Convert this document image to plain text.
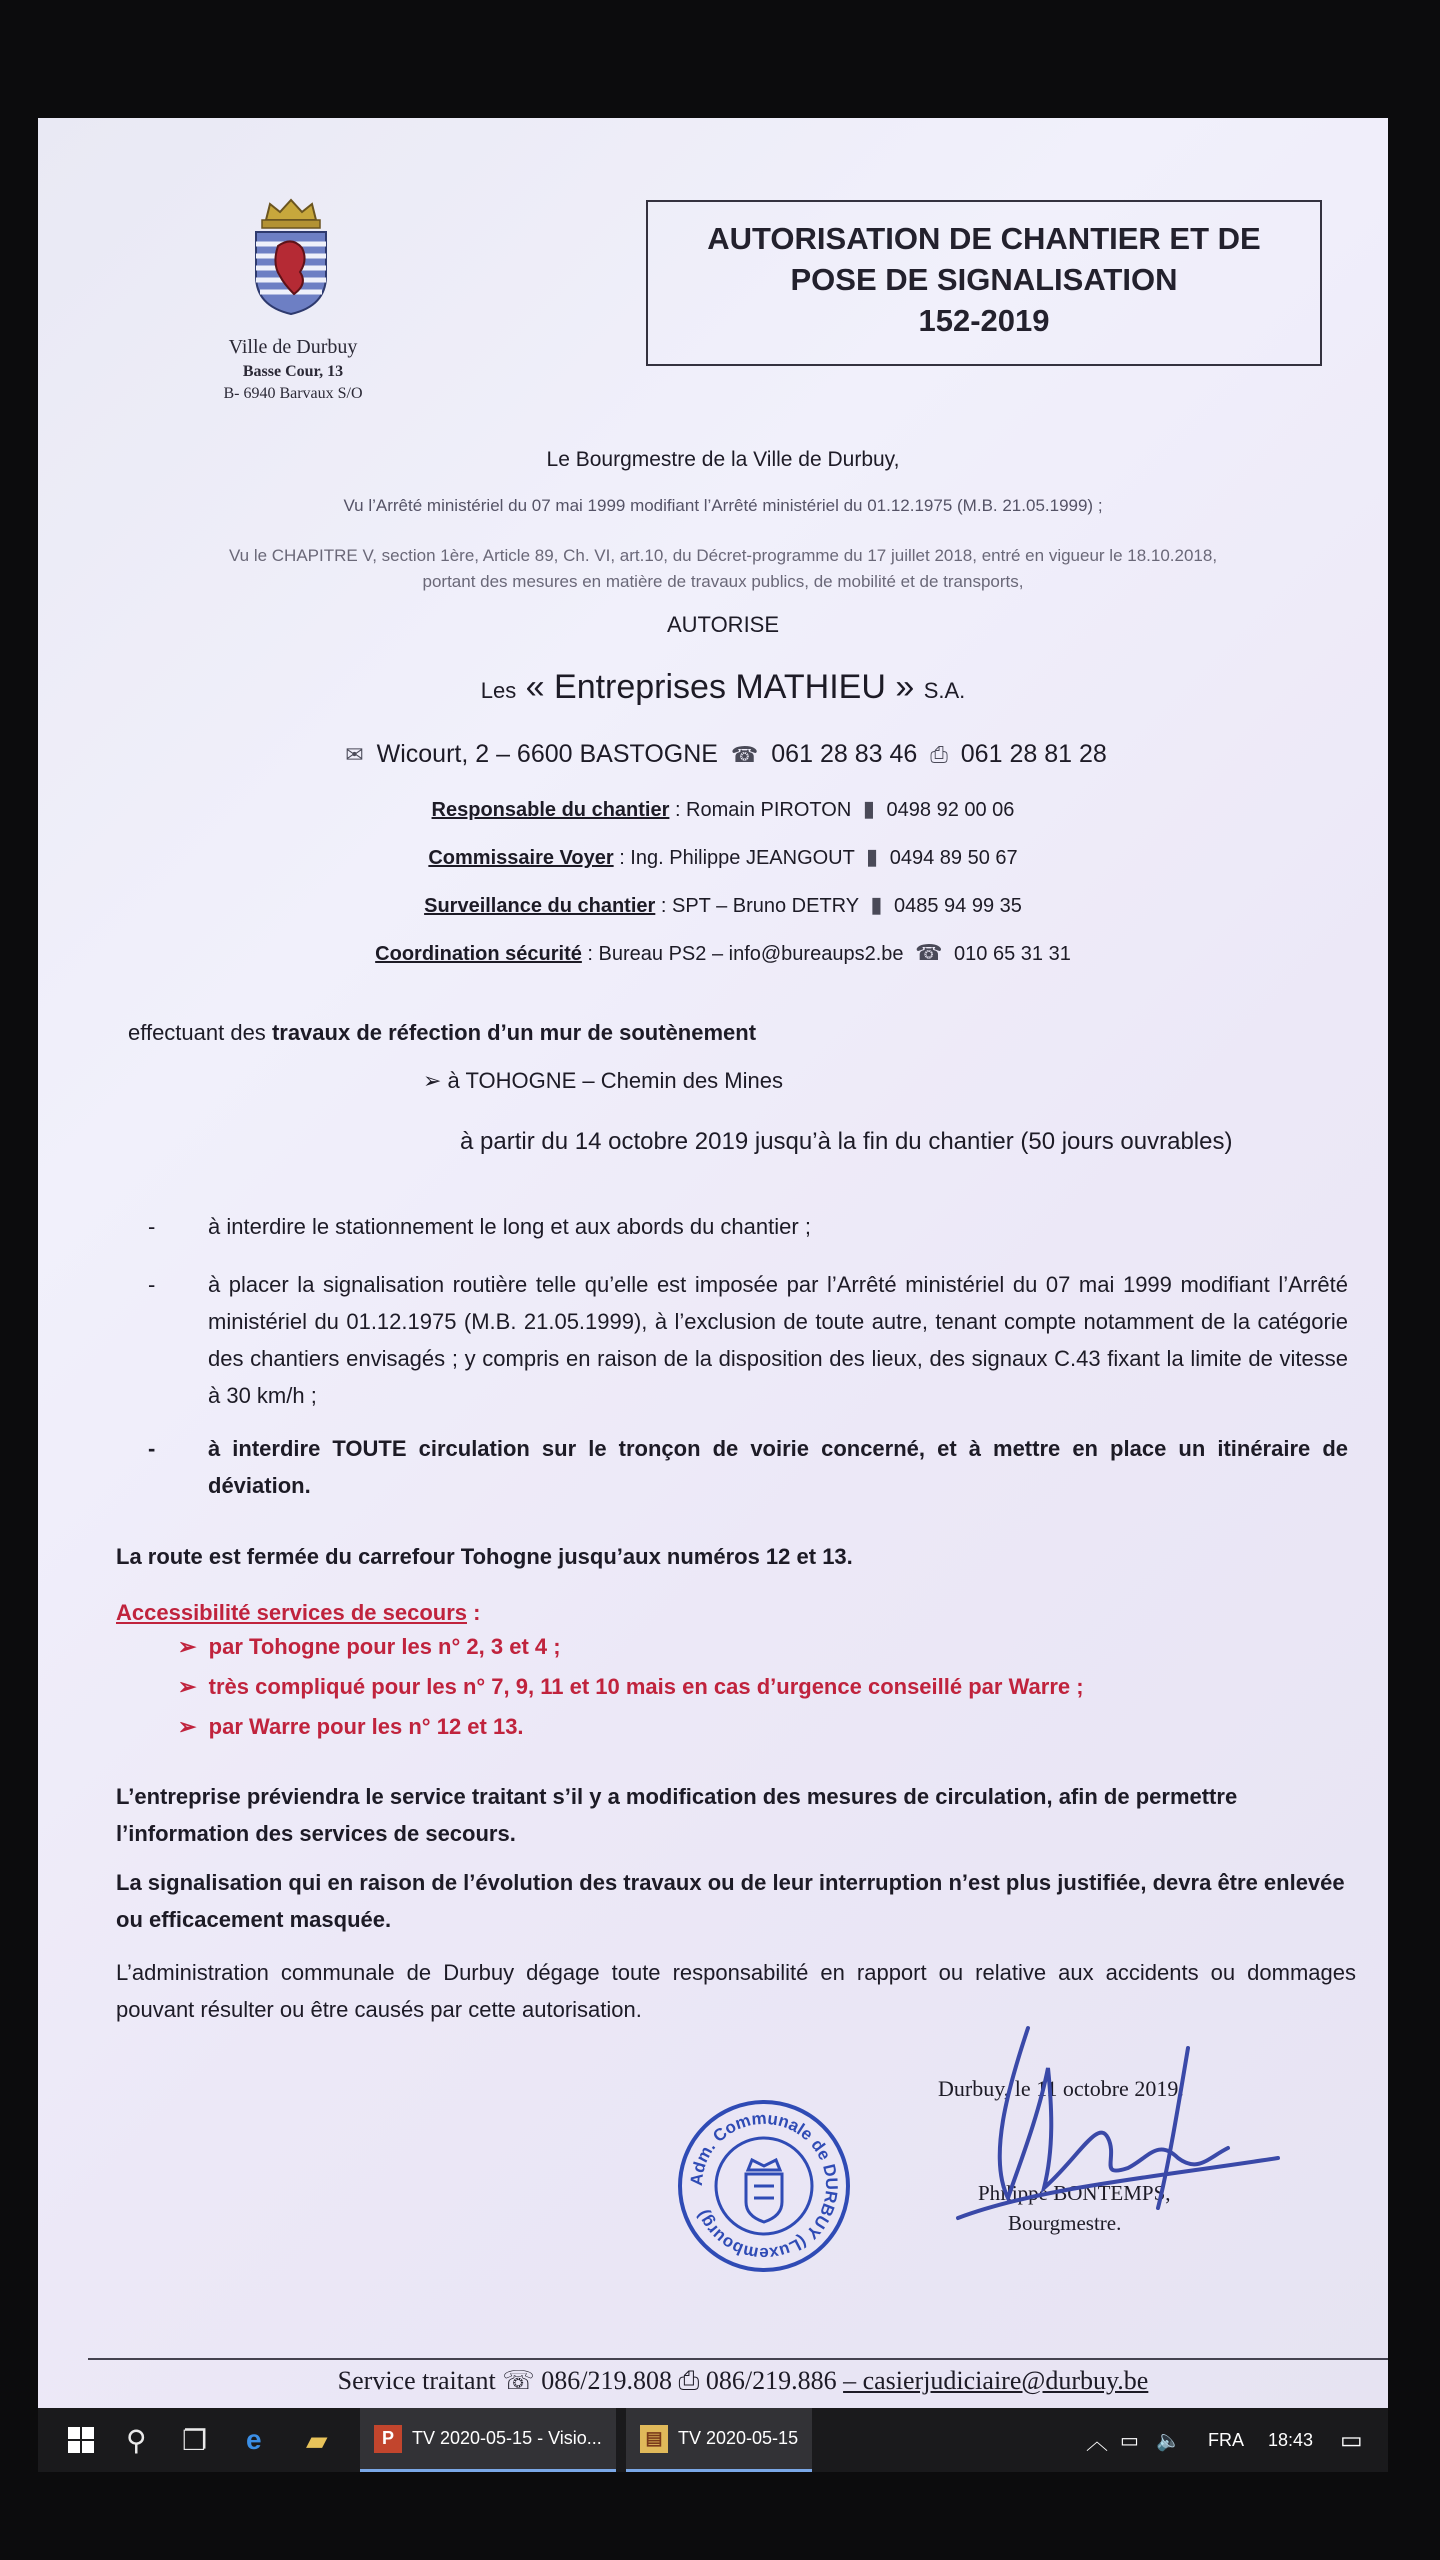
Ville de Durbuy
Basse Cour, 13
B- 6940 Barvaux S/O
AUTORISATION DE CHANTIER ET DE
POSE DE SIGNALISATION
152-2019
Le Bourgmestre de la Ville de Durbuy,
Vu l’Arrêté ministériel du 07 mai 1999 modifiant l’Arrêté ministériel du 01.12.1975 (M.B. 21.05.1999) ;
Vu le CHAPITRE V, section 1ère, Article 89, Ch. VI, art.10, du Décret-programme du 17 juillet 2018, entré en vigueur le 18.10.2018,
portant des mesures en matière de travaux publics, de mobilité et de transports,
AUTORISE
Les « Entreprises MATHIEU » S.A.
✉ Wicourt, 2 – 6600 BASTOGNE ☎ 061 28 83 46 ⎙ 061 28 81 28
Responsable du chantier : Romain PIROTON ▮ 0498 92 00 06
Commissaire Voyer : Ing. Philippe JEANGOUT ▮ 0494 89 50 67
Surveillance du chantier : SPT – Bruno DETRY ▮ 0485 94 99 35
Coordination sécurité : Bureau PS2 – info@bureaups2.be ☎ 010 65 31 31
effectuant des travaux de réfection d’un mur de soutènement
➢ à TOHOGNE – Chemin des Mines
à partir du 14 octobre 2019 jusqu’à la fin du chantier (50 jours ouvrables)
- à interdire le stationnement le long et aux abords du chantier ;
- à placer la signalisation routière telle qu’elle est imposée par l’Arrêté ministériel du 07 mai 1999 modifiant l’Arrêté ministériel du 01.12.1975 (M.B. 21.05.1999), à l’exclusion de toute autre, tenant compte notamment de la catégorie des chantiers envisagés ; y compris en raison de la disposition des lieux, des signaux C.43 fixant la limite de vitesse à 30 km/h ;
- à interdire TOUTE circulation sur le tronçon de voirie concerné, et à mettre en place un itinéraire de déviation.
La route est fermée du carrefour Tohogne jusqu’aux numéros 12 et 13.
Accessibilité services de secours :
➢  par Tohogne pour les n° 2, 3 et 4 ;
➢  très compliqué pour les n° 7, 9, 11 et 10 mais en cas d’urgence conseillé par Warre ;
➢  par Warre pour les n° 12 et 13.
L’entreprise préviendra le service traitant s’il y a modification des mesures de circulation, afin de permettre l’information des services de secours.
La signalisation qui en raison de l’évolution des travaux ou de leur interruption n’est plus justifiée, devra être enlevée ou efficacement masquée.
L’administration communale de Durbuy dégage toute responsabilité en rapport ou relative aux accidents ou dommages pouvant résulter ou être causés par cette autorisation.
Durbuy, le 11 octobre 2019.
Philippe BONTEMPS,
Bourgmestre.
Adm. Communale de DURBUY (Luxembourg)
Service traitant ☏ 086/219.808 ⎙ 086/219.886 – casierjudiciaire@durbuy.be
⚲ ❐ e ▰	P	TV 2020-05-15 - Visio...	▤ TV 2020-05-15	︿ ▭ 🔈 FRA 18:43 ▭
